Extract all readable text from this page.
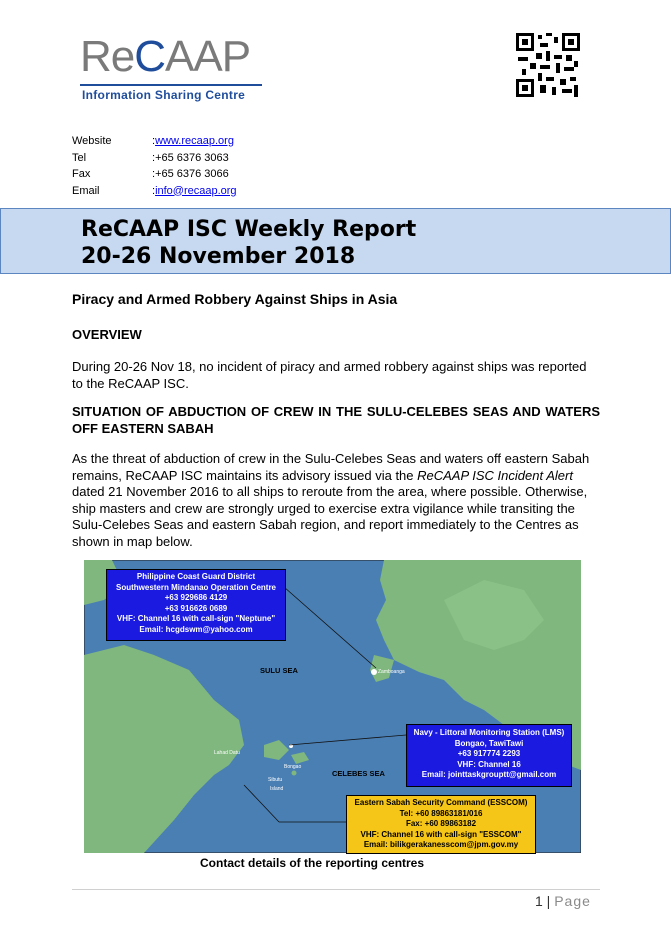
ReCAAP
Information Sharing Centre
Website	: www.recaap.org
Tel	: +65 6376 3063
Fax	: +65 6376 3066
Email	: info@recaap.org
ReCAAP ISC Weekly Report
20-26 November 2018
Piracy and Armed Robbery Against Ships in Asia
OVERVIEW
During 20-26 Nov 18, no incident of piracy and armed robbery against ships was reported to the ReCAAP ISC.
SITUATION OF ABDUCTION OF CREW IN THE SULU-CELEBES SEAS AND WATERS OFF EASTERN SABAH
As the threat of abduction of crew in the Sulu-Celebes Seas and waters off eastern Sabah remains, ReCAAP ISC maintains its advisory issued via the ReCAAP ISC Incident Alert dated 21 November 2016 to all ships to reroute from the area, where possible. Otherwise, ship masters and crew are strongly urged to exercise extra vigilance while transiting the Sulu-Celebes Seas and eastern Sabah region, and report immediately to the Centres as shown in map below.
SULU SEA
CELEBES SEA
Zamboanga
Lahad Datu
Bongao
Sibutu
Island
Philippine Coast Guard District
Southwestern Mindanao Operation Centre
+63 929686 4129
+63 916626 0689
VHF: Channel 16 with call-sign "Neptune"
Email: hcgdswm@yahoo.com
Navy - Littoral Monitoring Station (LMS)
Bongao, TawiTawi
+63 917774 2293
VHF: Channel 16
Email: jointtaskgrouptt@gmail.com
Eastern Sabah Security Command (ESSCOM)
Tel: +60 89863181/016
Fax: +60 89863182
VHF: Channel 16 with call-sign "ESSCOM"
Email: bilikgerakanesscom@jpm.gov.my
Contact details of the reporting centres
1 | Page
